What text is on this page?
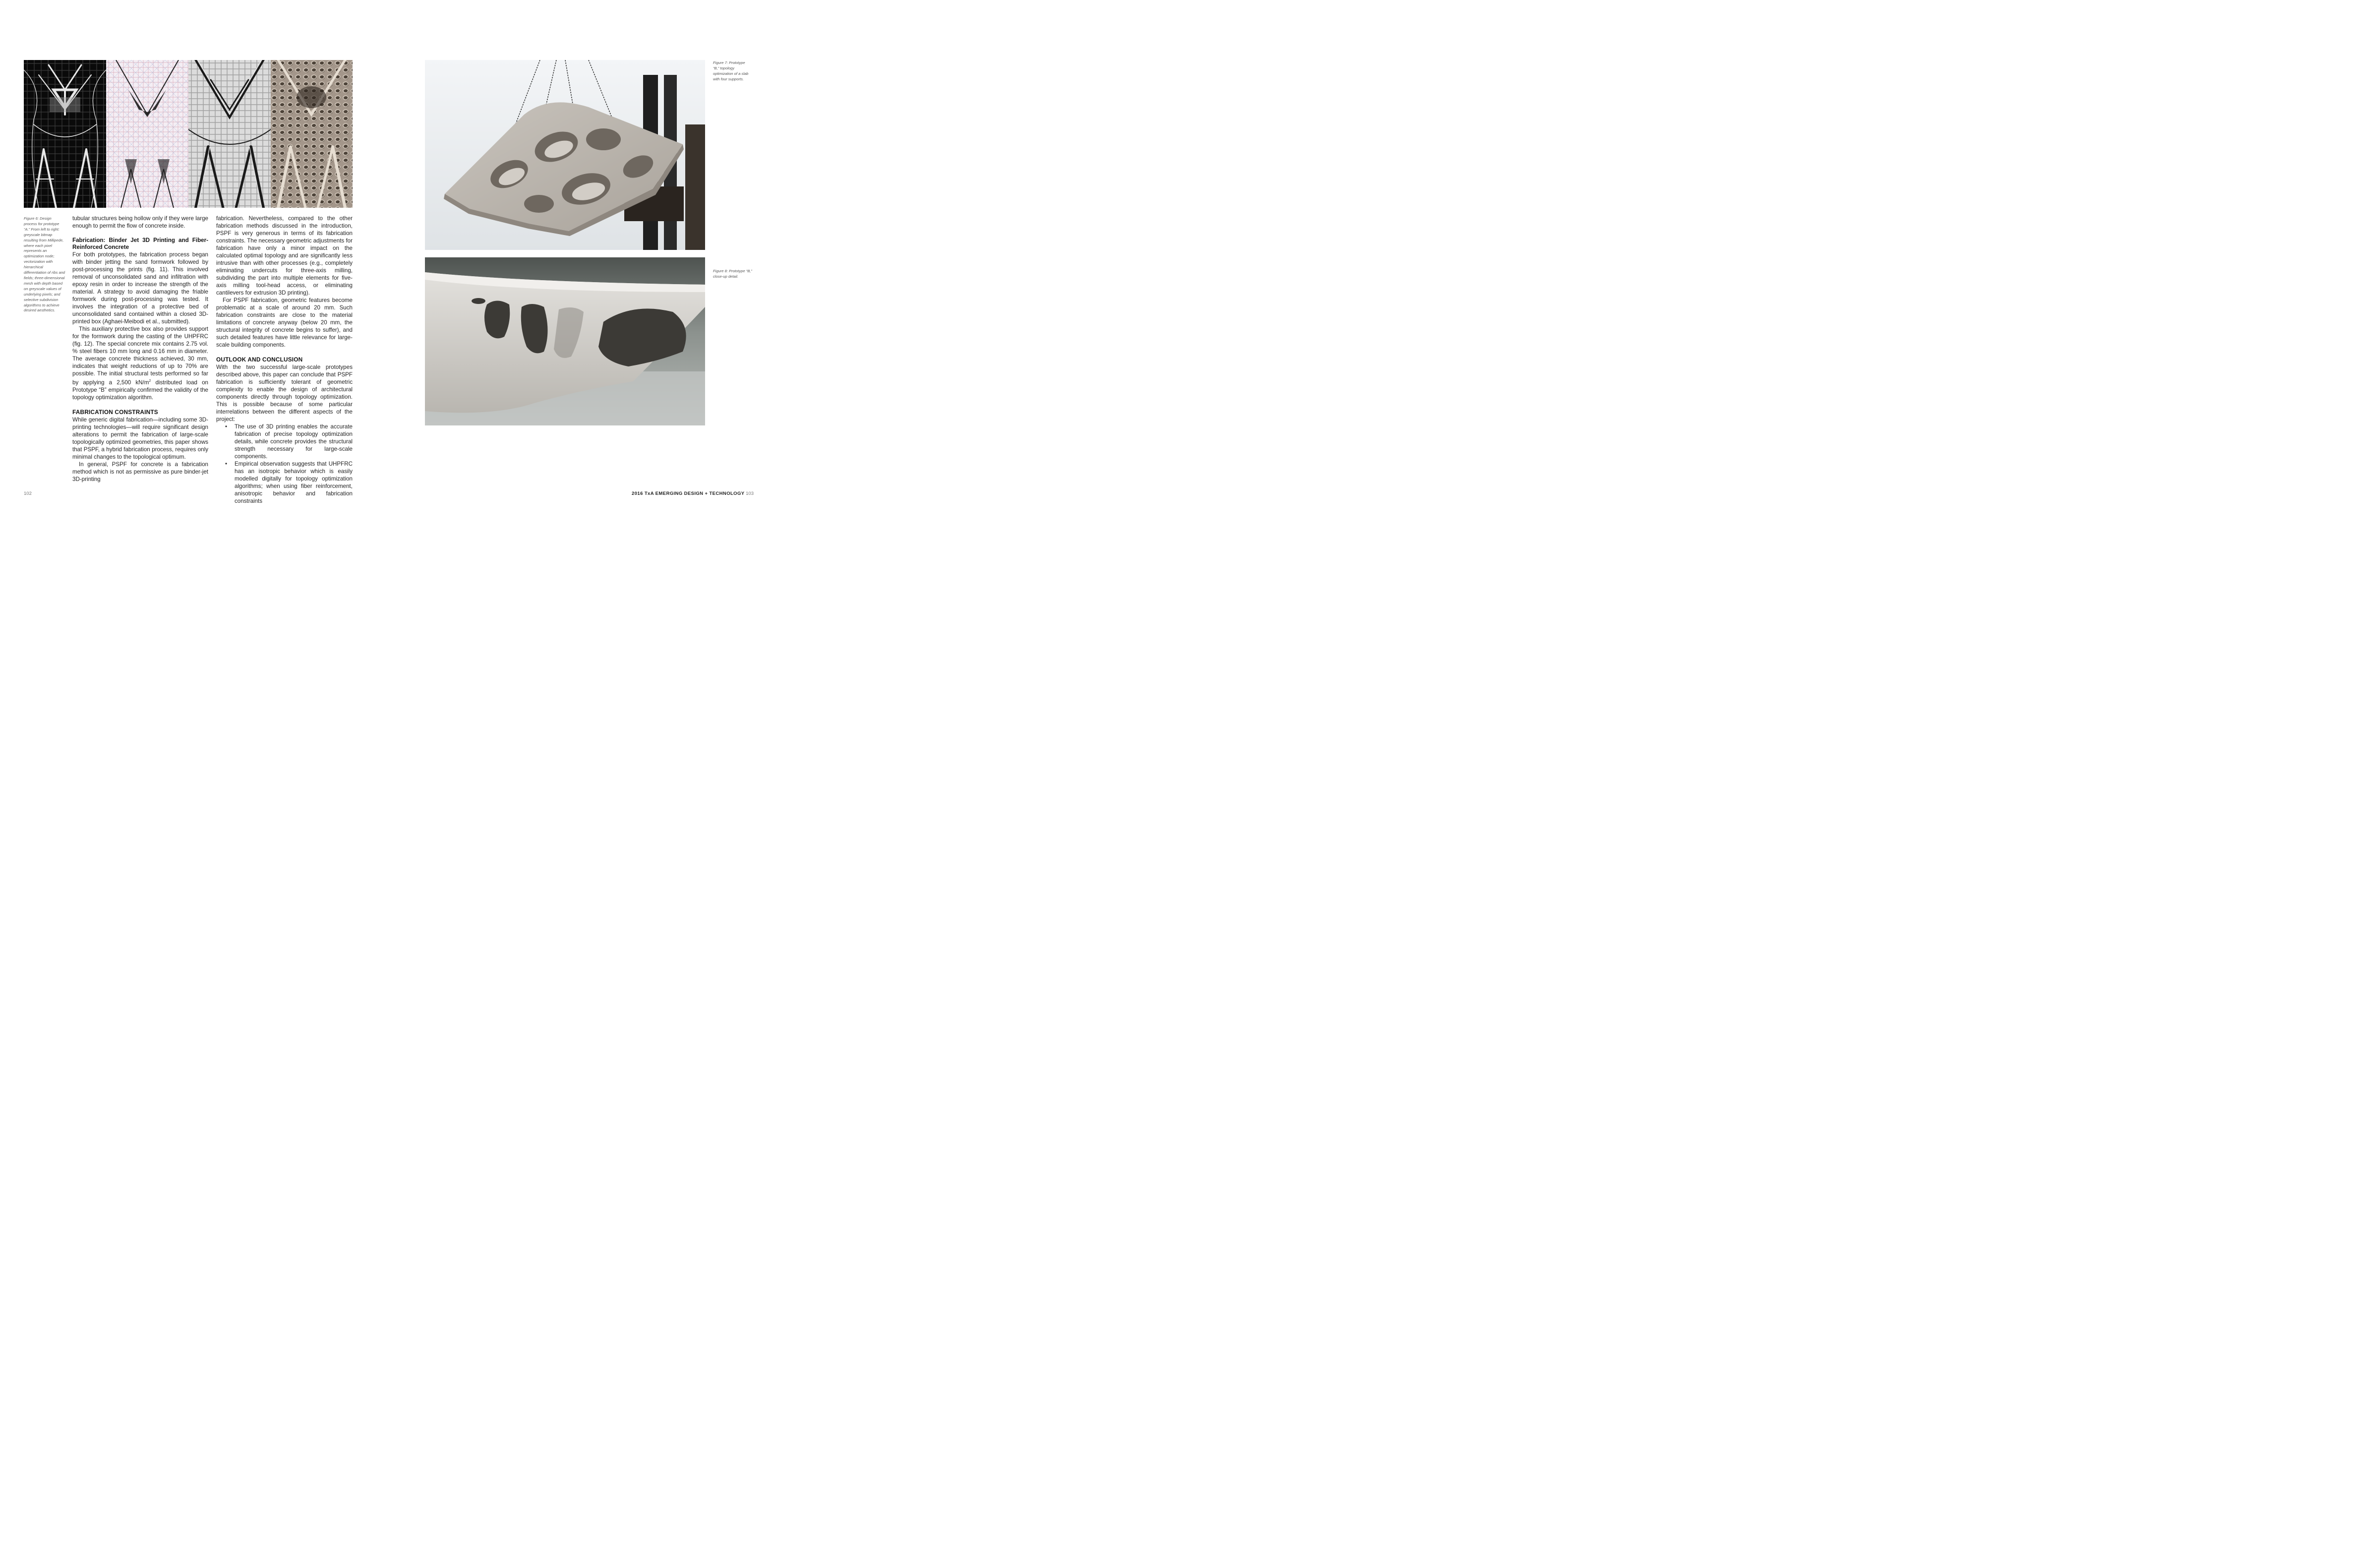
Figure 6: Design process for prototype “A.” From left to right: greyscale bitmap resulting from Millipede, where each pixel represents an optimization node; vectorization with hierarchical differentiation of ribs and fields; three-dimensional mesh with depth based on greyscale values of underlying pixels; and selective subdivision algorithms to achieve desired aesthetics.

tubular structures being hollow only if they were large enough to permit the flow of concrete inside.

Fabrication: Binder Jet 3D Printing and Fiber-Reinforced Concrete

For both prototypes, the fabrication process began with binder jetting the sand formwork followed by post-processing the prints (fig. 11). This involved removal of unconsolidated sand and infiltration with epoxy resin in order to increase the strength of the material. A strategy to avoid damaging the friable formwork during post-processing was tested. It involves the integration of a protective bed of unconsolidated sand contained within a closed 3D-printed box (Aghaei-Meibodi et al., submitted).

This auxiliary protective box also provides support for the formwork during the casting of the UHPFRC (fig. 12). The special concrete mix contains 2.75 vol. % steel fibers 10 mm long and 0.16 mm in diameter. The average concrete thickness achieved, 30 mm, indicates that weight reductions of up to 70% are possible. The initial structural tests performed so far by applying a 2,500 $kN/m^2$ distributed load on Prototype “B” empirically confirmed the validity of the topology optimization algorithm.

FABRICATION CONSTRAINTS

While generic digital fabrication—including some 3D-printing technologies—will require significant design alterations to permit the fabrication of large-scale topologically optimized geometries, this paper shows that PSPF, a hybrid fabrication process, requires only minimal changes to the topological optimum.

In general, PSPF for concrete is a fabrication method which is not as permissive as pure binder-jet 3D-printing

fabrication. Nevertheless, compared to the other fabrication methods discussed in the introduction, PSPF is very generous in terms of its fabrication constraints. The necessary geometric adjustments for fabrication have only a minor impact on the calculated optimal topology and are significantly less intrusive than with other processes (e.g., completely eliminating undercuts for three-axis milling, subdividing the part into multiple elements for five-axis milling tool-head access, or eliminating cantilevers for extrusion 3D printing).

For PSPF fabrication, geometric features become problematic at a scale of around 20 mm. Such fabrication constraints are close to the material limitations of concrete anyway (below 20 mm, the structural integrity of concrete begins to suffer), and such detailed features have little relevance for large-scale building components.

OUTLOOK AND CONCLUSION

With the two successful large-scale prototypes described above, this paper can conclude that PSPF fabrication is sufficiently tolerant of geometric complexity to enable the design of architectural components directly through topology optimization. This is possible because of some particular interrelations between the different aspects of the project:

• The use of 3D printing enables the accurate fabrication of precise topology optimization details, while concrete provides the structural strength necessary for large-scale components.
• Empirical observation suggests that UHPFRC has an isotropic behavior which is easily modelled digitally for topology optimization algorithms; when using fiber reinforcement, anisotropic behavior and fabrication constraints
102
Figure 7: Prototype “B,” topology optimization of a slab with four supports.
Figure 8: Prototype “B,” close-up detail.
2016 TxA EMERGING DESIGN + TECHNOLOGY 103
